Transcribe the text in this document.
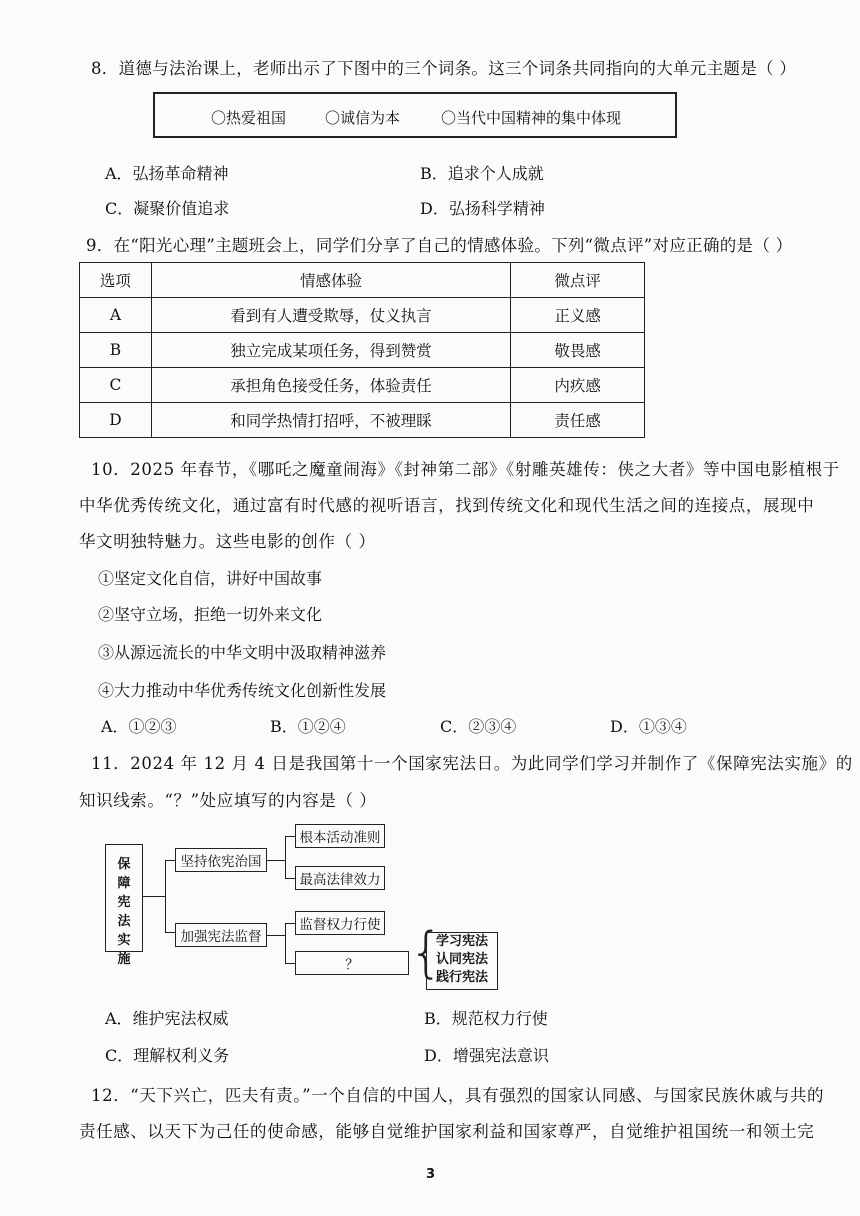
8．道德与法治课上，老师出示了下图中的三个词条。这三个词条共同指向的大单元主题是（ ）
〇热爱祖国	〇诚信为本	〇当代中国精神的集中体现
A．弘扬革命精神	B．追求个人成就
C．凝聚价值追求	D．弘扬科学精神
9．在“阳光心理”主题班会上，同学们分享了自己的情感体验。下列“微点评”对应正确的是（ ）
选项	情感体验	微点评
A	看到有人遭受欺辱，仗义执言	正义感
B	独立完成某项任务，得到赞赏	敬畏感
C	承担角色接受任务，体验责任	内疚感
D	和同学热情打招呼，不被理睬	责任感
10．2025 年春节，《哪吒之魔童闹海》《封神第二部》《射雕英雄传：侠之大者》等中国电影植根于
中华优秀传统文化，通过富有时代感的视听语言，找到传统文化和现代生活之间的连接点，展现中
华文明独特魅力。这些电影的创作（ ）
①坚定文化自信，讲好中国故事
②坚守立场，拒绝一切外来文化
③从源远流长的中华文明中汲取精神滋养
④大力推动中华优秀传统文化创新性发展
A．①②③	B．①②④	C．②③④	D．①③④
11．2024 年 12 月 4 日是我国第十一个国家宪法日。为此同学们学习并制作了《保障宪法实施》的
知识线索。“？”处应填写的内容是（ ）
保障宪法实施
坚持依宪治国
加强宪法监督
根本活动准则
最高法律效力
监督权力行使
？ {
学习宪法
认同宪法
践行宪法
A．维护宪法权威	B．规范权力行使
C．理解权利义务	D．增强宪法意识
12．“天下兴亡，匹夫有责。”一个自信的中国人，具有强烈的国家认同感、与国家民族休戚与共的
责任感、以天下为己任的使命感，能够自觉维护国家利益和国家尊严，自觉维护祖国统一和领土完
3
